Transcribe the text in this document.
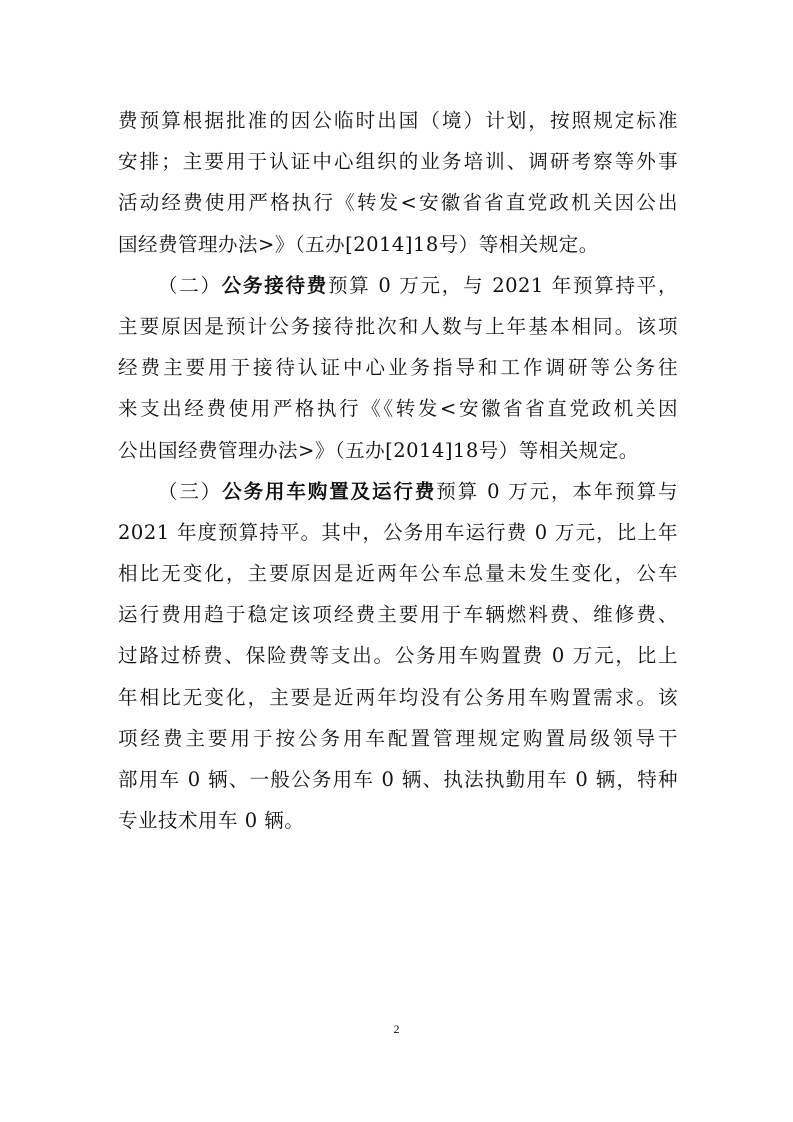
费预算根据批准的因公临时出国（境）计划，按照规定标准
安排；主要用于认证中心组织的业务培训、调研考察等外事
活动经费使用严格执行《转发<安徽省省直党政机关因公出
国经费管理办法>》（五办[2014]18号）等相关规定。
（二）公务接待费预算 0 万元，与 2021 年预算持平，
主要原因是预计公务接待批次和人数与上年基本相同。该项
经费主要用于接待认证中心业务指导和工作调研等公务往
来支出经费使用严格执行《《转发<安徽省省直党政机关因
公出国经费管理办法>》（五办[2014]18号）等相关规定。
（三）公务用车购置及运行费预算 0 万元，本年预算与
2021 年度预算持平。其中，公务用车运行费 0 万元，比上年
相比无变化，主要原因是近两年公车总量未发生变化，公车
运行费用趋于稳定该项经费主要用于车辆燃料费、维修费、
过路过桥费、保险费等支出。公务用车购置费 0 万元，比上
年相比无变化，主要是近两年均没有公务用车购置需求。该
项经费主要用于按公务用车配置管理规定购置局级领导干
部用车 0 辆、一般公务用车 0 辆、执法执勤用车 0 辆，特种
专业技术用车 0 辆。
2
